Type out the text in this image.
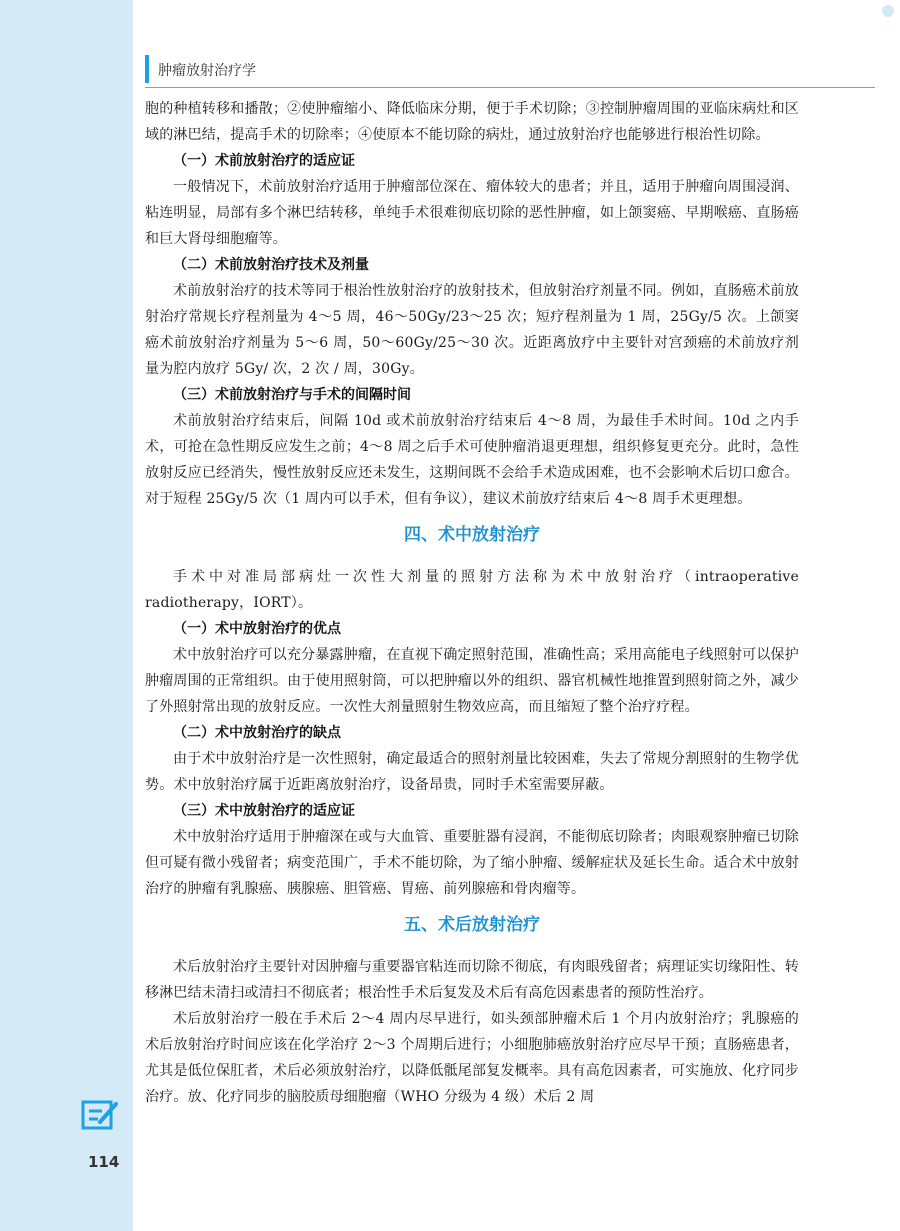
肿瘤放射治疗学

胞的种植转移和播散；②使肿瘤缩小、降低临床分期，便于手术切除；③控制肿瘤周围的亚临床病灶和区域的淋巴结，提高手术的切除率；④使原本不能切除的病灶，通过放射治疗也能够进行根治性切除。

（一）术前放射治疗的适应证

一般情况下，术前放射治疗适用于肿瘤部位深在、瘤体较大的患者；并且，适用于肿瘤向周围浸润、粘连明显，局部有多个淋巴结转移，单纯手术很难彻底切除的恶性肿瘤，如上颌窦癌、早期喉癌、直肠癌和巨大肾母细胞瘤等。

（二）术前放射治疗技术及剂量

术前放射治疗的技术等同于根治性放射治疗的放射技术，但放射治疗剂量不同。例如，直肠癌术前放射治疗常规长疗程剂量为 4～5 周，46～50Gy/23～25 次；短疗程剂量为 1 周，25Gy/5 次。上颌窦癌术前放射治疗剂量为 5～6 周，50～60Gy/25～30 次。近距离放疗中主要针对宫颈癌的术前放疗剂量为腔内放疗 5Gy/ 次，2 次 / 周，30Gy。

（三）术前放射治疗与手术的间隔时间

术前放射治疗结束后，间隔 10d 或术前放射治疗结束后 4～8 周，为最佳手术时间。10d 之内手术，可抢在急性期反应发生之前；4～8 周之后手术可使肿瘤消退更理想，组织修复更充分。此时，急性放射反应已经消失，慢性放射反应还未发生，这期间既不会给手术造成困难，也不会影响术后切口愈合。对于短程 25Gy/5 次（1 周内可以手术，但有争议），建议术前放疗结束后 4～8 周手术更理想。

四、术中放射治疗

手术中对准局部病灶一次性大剂量的照射方法称为术中放射治疗（intraoperative radiotherapy，IORT）。

（一）术中放射治疗的优点

术中放射治疗可以充分暴露肿瘤，在直视下确定照射范围，准确性高；采用高能电子线照射可以保护肿瘤周围的正常组织。由于使用照射筒，可以把肿瘤以外的组织、器官机械性地推置到照射筒之外，减少了外照射常出现的放射反应。一次性大剂量照射生物效应高，而且缩短了整个治疗疗程。

（二）术中放射治疗的缺点

由于术中放射治疗是一次性照射，确定最适合的照射剂量比较困难，失去了常规分割照射的生物学优势。术中放射治疗属于近距离放射治疗，设备昂贵，同时手术室需要屏蔽。

（三）术中放射治疗的适应证

术中放射治疗适用于肿瘤深在或与大血管、重要脏器有浸润，不能彻底切除者；肉眼观察肿瘤已切除但可疑有微小残留者；病变范围广，手术不能切除，为了缩小肿瘤、缓解症状及延长生命。适合术中放射治疗的肿瘤有乳腺癌、胰腺癌、胆管癌、胃癌、前列腺癌和骨肉瘤等。

五、术后放射治疗

术后放射治疗主要针对因肿瘤与重要器官粘连而切除不彻底，有肉眼残留者；病理证实切缘阳性、转移淋巴结未清扫或清扫不彻底者；根治性手术后复发及术后有高危因素患者的预防性治疗。

术后放射治疗一般在手术后 2～4 周内尽早进行，如头颈部肿瘤术后 1 个月内放射治疗；乳腺癌的术后放射治疗时间应该在化学治疗 2～3 个周期后进行；小细胞肺癌放射治疗应尽早干预；直肠癌患者，尤其是低位保肛者，术后必须放射治疗，以降低骶尾部复发概率。具有高危因素者，可实施放、化疗同步治疗。放、化疗同步的脑胶质母细胞瘤（WHO 分级为 4 级）术后 2 周

114
